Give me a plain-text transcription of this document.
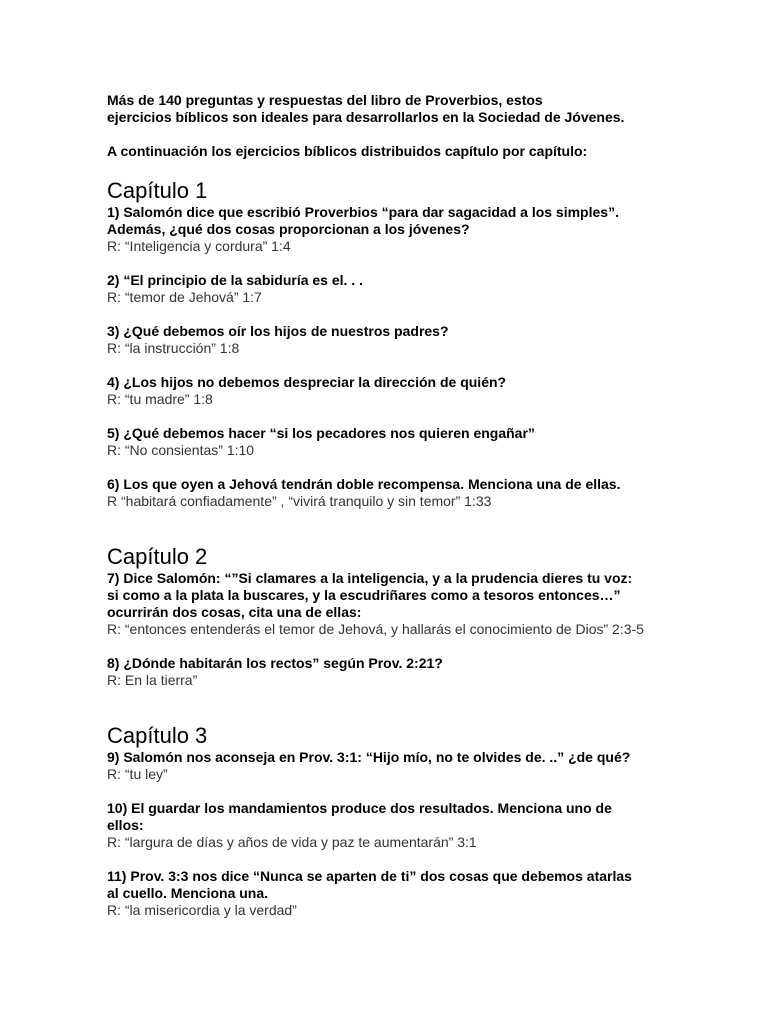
Más de 140 preguntas y respuestas del libro de Proverbios, estos
ejercicios bíblicos son ideales para desarrollarlos en la Sociedad de Jóvenes.

A continuación los ejercicios bíblicos distribuidos capítulo por capítulo:

Capítulo 1

1) Salomón dice que escribió Proverbios “para dar sagacidad a los simples”.
Además, ¿qué dos cosas proporcionan a los jóvenes?

R: “Inteligencia y cordura” 1:4

2) “El principio de la sabiduría es el. . .

R: “temor de Jehová” 1:7

3) ¿Qué debemos oír los hijos de nuestros padres?

R: “la instrucción” 1:8

4) ¿Los hijos no debemos despreciar la dirección de quién?

R: “tu madre” 1:8

5) ¿Qué debemos hacer “si los pecadores nos quieren engañar”

R: “No consientas” 1:10

6) Los que oyen a Jehová tendrán doble recompensa. Menciona una de ellas.

R “habitará confiadamente” , “vivirá tranquilo y sin temor” 1:33

Capítulo 2

7) Dice Salomón: “”Si clamares a la inteligencia, y a la prudencia dieres tu voz:
si como a la plata la buscares, y la escudriñares como a tesoros entonces…”
ocurrirán dos cosas, cita una de ellas:

R: “entonces entenderás el temor de Jehová, y hallarás el conocimiento de Dios” 2:3-5

8) ¿Dónde habitarán los rectos” según Prov. 2:21?

R: En la tierra”

Capítulo 3

9) Salomón nos aconseja en Prov. 3:1: “Hijo mío, no te olvides de. ..” ¿de qué?

R: “tu ley”

10) El guardar los mandamientos produce dos resultados. Menciona uno de
ellos:

R: “largura de días y años de vida y paz te aumentarán” 3:1

11) Prov. 3:3 nos dice “Nunca se aparten de ti” dos cosas que debemos atarlas
al cuello. Menciona una.

R: “la misericordia y la verdad”
